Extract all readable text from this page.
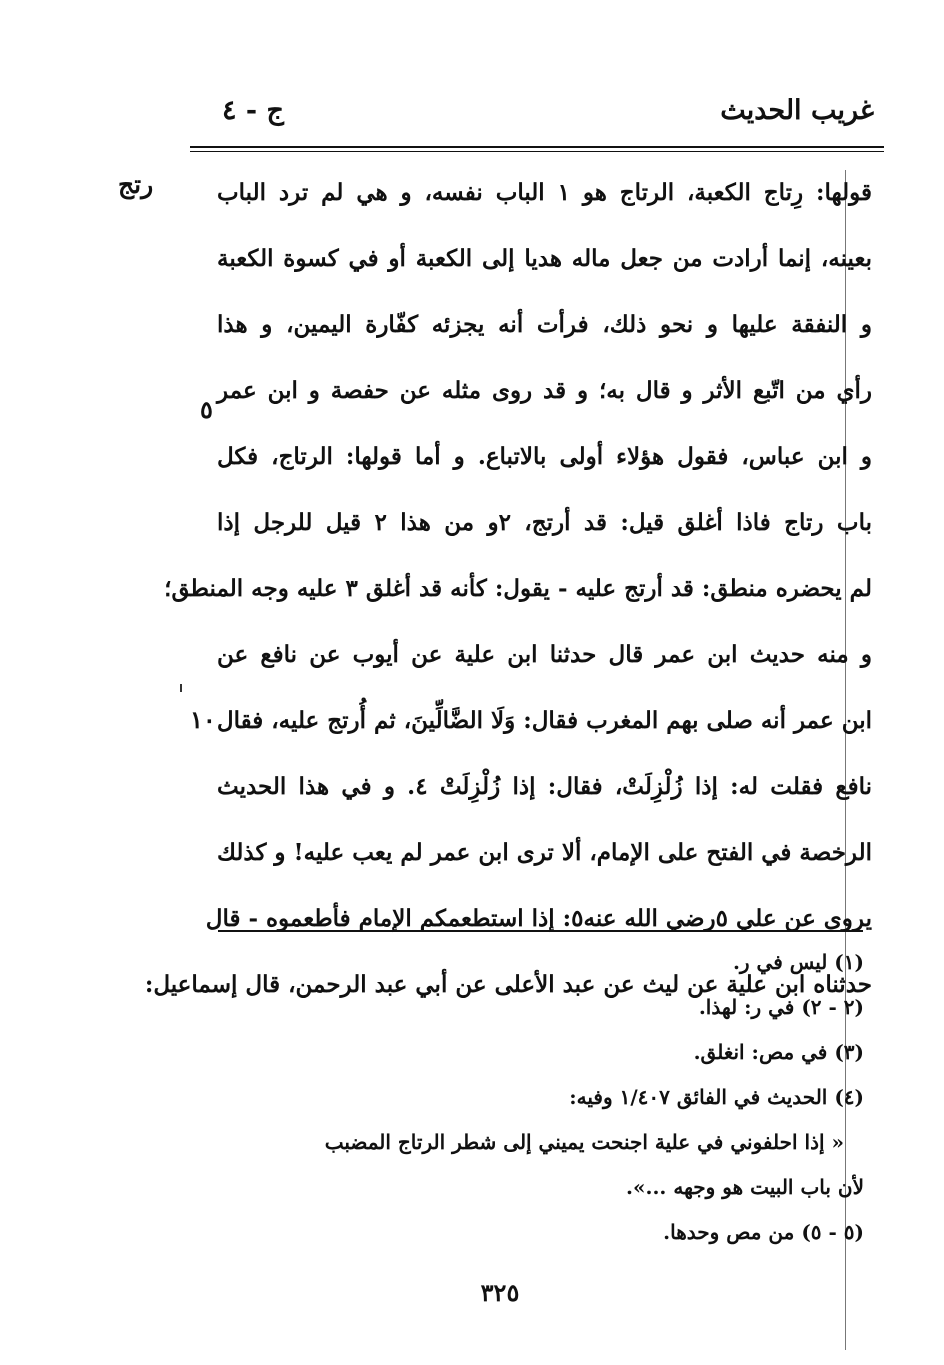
غريب الحديث
ج - ٤
رتج
٥
١٠
قولها: رِتاج الكعبة، الرتاج هو ١ الباب نفسه، و هي لم ترد الباب
بعينه، إنما أرادت من جعل ماله هديا إلى الكعبة أو في كسوة الكعبة
و النفقة عليها و نحو ذلك، فرأت أنه يجزئه كفّارة اليمين، و هذا
رأي من اتّبع الأثر و قال به؛ و قد روى مثله عن حفصة و ابن عمر
و ابن عباس، فقول هؤلاء أولى بالاتباع. و أما قولها: الرتاج، فكل
باب رتاج فاذا أغلق قيل: قد أرتج، ٢و من هذا ٢ قيل للرجل إذا
لم يحضره منطق: قد أرتج عليه - يقول: كأنه قد أغلق ٣ عليه وجه المنطق؛
و منه حديث ابن عمر قال حدثنا ابن علية عن أيوب عن نافع عن
ابن عمر أنه صلى بهم المغرب فقال: وَلَا الضَّالِّينَ، ثم أُرتج عليه، فقال
نافع فقلت له: إذا زُلْزِلَتْ، فقال: إذا زُلْزِلَتْ ٤. و في هذا الحديث
الرخصة في الفتح على الإمام، ألا ترى ابن عمر لم يعب عليه! و كذلك
يروى عن علي ٥رضي الله عنه٥: إذا استطعمكم الإمام فأطعموه - قال
حدثناه ابن علية عن ليث عن عبد الأعلى عن أبي عبد الرحمن، قال إسماعيل:
(١) ليس في ر.
(٢ - ٢) في ر: لهذا.
(٣) في مص: انغلق.
(٤) الحديث في الفائق ١/٤٠٧ وفيه:
« إذا احلفوني في علية اجنحت يميني إلى شطر الرتاج المضبب
لأن باب البيت هو وجهه ...».
(٥ - ٥) من مص وحدها.
٣٢٥
